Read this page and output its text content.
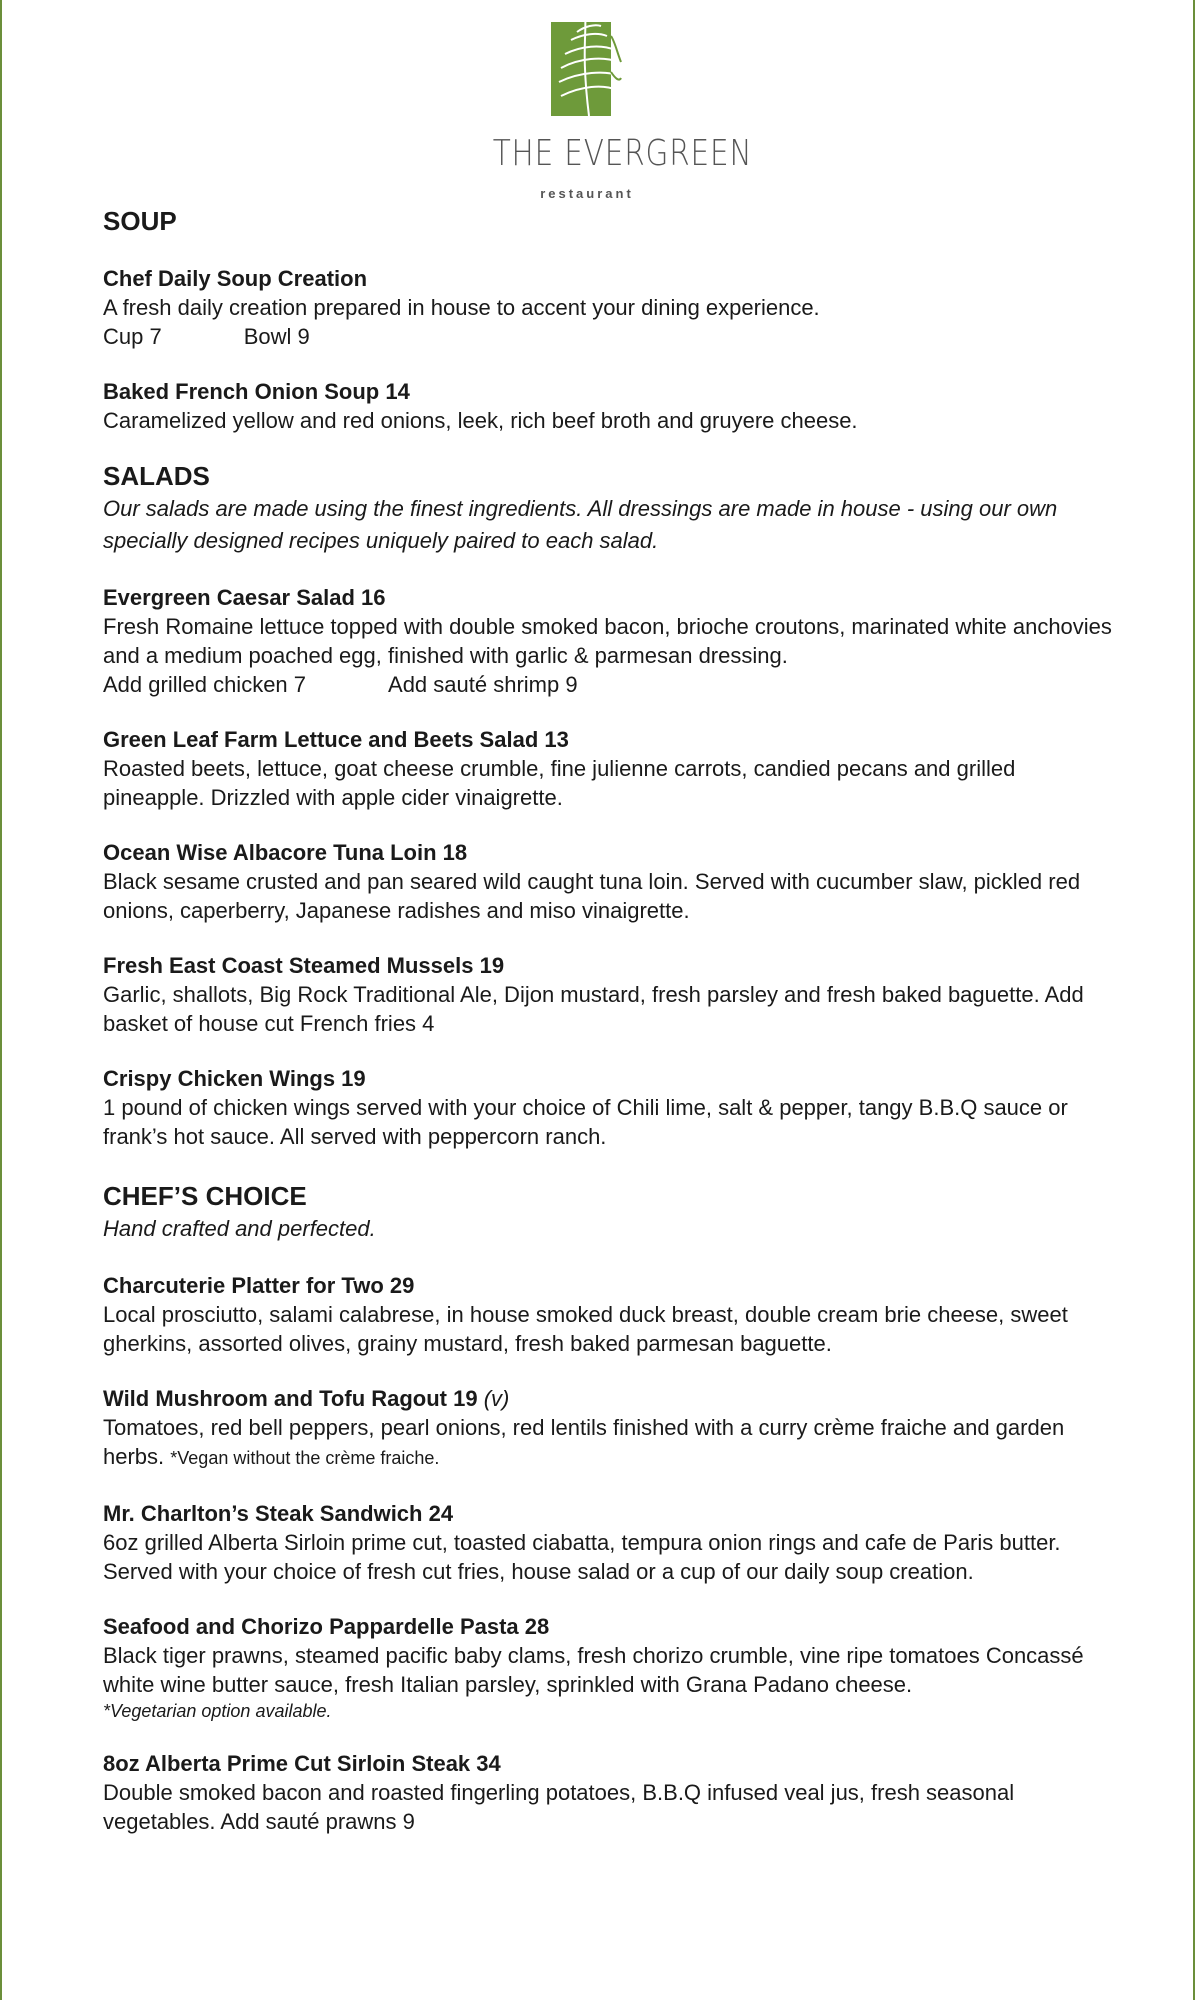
THE EVERGREEN
restaurant
SOUP
Chef Daily Soup Creation
A fresh daily creation prepared in house to accent your dining experience.
Cup 7	Bowl 9
Baked French Onion Soup 14
Caramelized yellow and red onions, leek, rich beef broth and gruyere cheese.
SALADS

Our salads are made using the finest ingredients. All dressings are made in house - using our own specially designed recipes uniquely paired to each salad.

Evergreen Caesar Salad 16
Fresh Romaine lettuce topped with double smoked bacon, brioche croutons, marinated white anchovies and a medium poached egg, finished with garlic & parmesan dressing.
Add grilled chicken 7	Add sauté shrimp 9
Green Leaf Farm Lettuce and Beets Salad 13
Roasted beets, lettuce, goat cheese crumble, fine julienne carrots, candied pecans and grilled pineapple. Drizzled with apple cider vinaigrette.
Ocean Wise Albacore Tuna Loin 18
Black sesame crusted and pan seared wild caught tuna loin. Served with cucumber slaw, pickled red onions, caperberry, Japanese radishes and miso vinaigrette.
Fresh East Coast Steamed Mussels 19
Garlic, shallots, Big Rock Traditional Ale, Dijon mustard, fresh parsley and fresh baked baguette. Add basket of house cut French fries 4
Crispy Chicken Wings 19
1 pound of chicken wings served with your choice of Chili lime, salt & pepper, tangy B.B.Q sauce or frank’s hot sauce. All served with peppercorn ranch.
CHEF’S CHOICE

Hand crafted and perfected.

Charcuterie Platter for Two 29
Local prosciutto, salami calabrese, in house smoked duck breast, double cream brie cheese, sweet gherkins, assorted olives, grainy mustard, fresh baked parmesan baguette.
Wild Mushroom and Tofu Ragout 19 (v)
Tomatoes, red bell peppers, pearl onions, red lentils finished with a curry crème fraiche and garden herbs. *Vegan without the crème fraiche.
Mr. Charlton’s Steak Sandwich 24
6oz grilled Alberta Sirloin prime cut, toasted ciabatta, tempura onion rings and cafe de Paris butter. Served with your choice of fresh cut fries, house salad or a cup of our daily soup creation.
Seafood and Chorizo Pappardelle Pasta 28
Black tiger prawns, steamed pacific baby clams, fresh chorizo crumble, vine ripe tomatoes Concassé white wine butter sauce, fresh Italian parsley, sprinkled with Grana Padano cheese.
*Vegetarian option available.
8oz Alberta Prime Cut Sirloin Steak 34
Double smoked bacon and roasted fingerling potatoes, B.B.Q infused veal jus, fresh seasonal vegetables. Add sauté prawns 9
